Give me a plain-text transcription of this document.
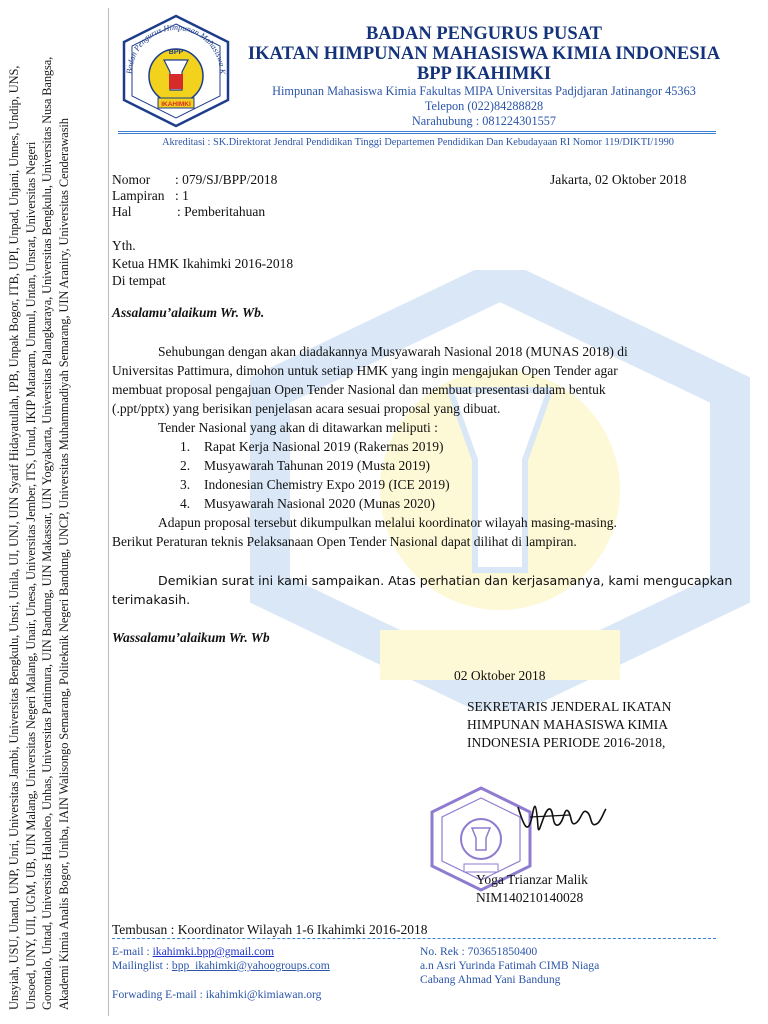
Unsyiah, USU, Unand, UNP, Unri, Universitas Jambi, Universitas Bengkulu, Unsri, Unila, UI, UNJ, UIN Syarif Hidayatullah, IPB, Unpak Bogor, ITB, UPI, Unpad, Unjani, Unnes, Undip, UNS, Unsoed, UNY, UII, UGM, UB, UIN Malang, Universitas Negeri Malang, Unair, Unesa, Universitas Jember, ITS, Unud, IKIP Mataram, Unmul, Untan, Unsrat, Universitas Negeri Gorontalo, Untad, Universitas Haluoleo, Unhas, Universitas Pattimura, UIN Bandung, UIN Makassar, UIN Yogyakarta, Universitas Palangkaraya, Universitas Bengkulu, Universitas Nusa Bangsa, Akademi Kimia Analis Bogor, Uniba, IAIN Walisongo Semarang, Politeknik Negeri Bandung, UNCP, Universitas Muhammadiyah Semarang, UIN Araniry, Universitas Cenderawasih
Badan Pengurus Himpunan Mahasiswa K
IKAHIMKI
BPP
BADAN PENGURUS PUSAT
IKATAN HIMPUNAN MAHASISWA KIMIA INDONESIA
BPP IKAHIMKI
Himpunan Mahasiswa Kimia Fakultas MIPA Universitas Padjdjaran Jatinangor 45363
Telepon (022)84288828
Narahubung : 081224301557
Akreditasi : SK.Direktorat Jendral Pendidikan Tinggi Departemen Pendidikan Dan Kebudayaan RI Nomor 119/DIKTI/1990
Nomor : 079/SJ/BPP/2018	Jakarta, 02 Oktober 2018
Lampiran : 1
Hal	: Pemberitahuan
Yth.
Ketua HMK Ikahimki 2016-2018
Di tempat
Assalamu’alaikum Wr. Wb.
Sehubungan dengan akan diadakannya Musyawarah Nasional 2018 (MUNAS 2018) di
Universitas Pattimura, dimohon untuk setiap HMK yang ingin mengajukan Open Tender agar
membuat proposal pengajuan Open Tender Nasional dan membuat presentasi dalam bentuk
(.ppt/pptx) yang berisikan penjelasan acara sesuai proposal yang dibuat.
Tender Nasional yang akan di ditawarkan meliputi :
1. Rapat Kerja Nasional 2019 (Rakernas 2019)
2. Musyawarah Tahunan 2019 (Musta 2019)
3. Indonesian Chemistry Expo 2019 (ICE 2019)
4. Musyawarah Nasional 2020 (Munas 2020)
Adapun proposal tersebut dikumpulkan melalui koordinator wilayah masing-masing.
Berikut Peraturan teknis Pelaksanaan Open Tender Nasional dapat dilihat di lampiran.
Demikian surat ini kami sampaikan. Atas perhatian dan kerjasamanya, kami mengucapkan
terimakasih.
Wassalamu’alaikum Wr. Wb
02 Oktober 2018
SEKRETARIS JENDERAL IKATAN
HIMPUNAN MAHASISWA KIMIA
INDONESIA PERIODE 2016-2018,
Yoga Trianzar Malik
NIM140210140028
Tembusan : Koordinator Wilayah 1-6 Ikahimki 2016-2018
E-mail : ikahimki.bpp@gmail.com
Mailinglist : bpp_ikahimki@yahoogroups.com
Forwading E-mail : ikahimki@kimiawan.org
No. Rek : 703651850400
a.n Asri Yurinda Fatimah CIMB Niaga
Cabang Ahmad Yani Bandung
